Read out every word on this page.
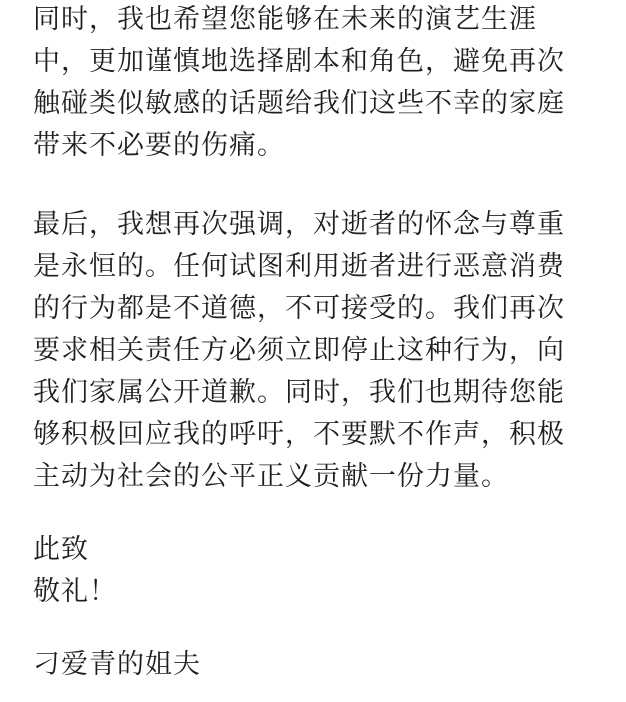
同时，我也希望您能够在未来的演艺生涯
中，更加谨慎地选择剧本和角色，避免再次
触碰类似敏感的话题给我们这些不幸的家庭
带来不必要的伤痛。
最后，我想再次强调，对逝者的怀念与尊重
是永恒的。任何试图利用逝者进行恶意消费
的行为都是不道德，不可接受的。我们再次
要求相关责任方必须立即停止这种行为，向
我们家属公开道歉。同时，我们也期待您能
够积极回应我的呼吁，不要默不作声，积极
主动为社会的公平正义贡献一份力量。
此致
敬礼！
刁爱青的姐夫
